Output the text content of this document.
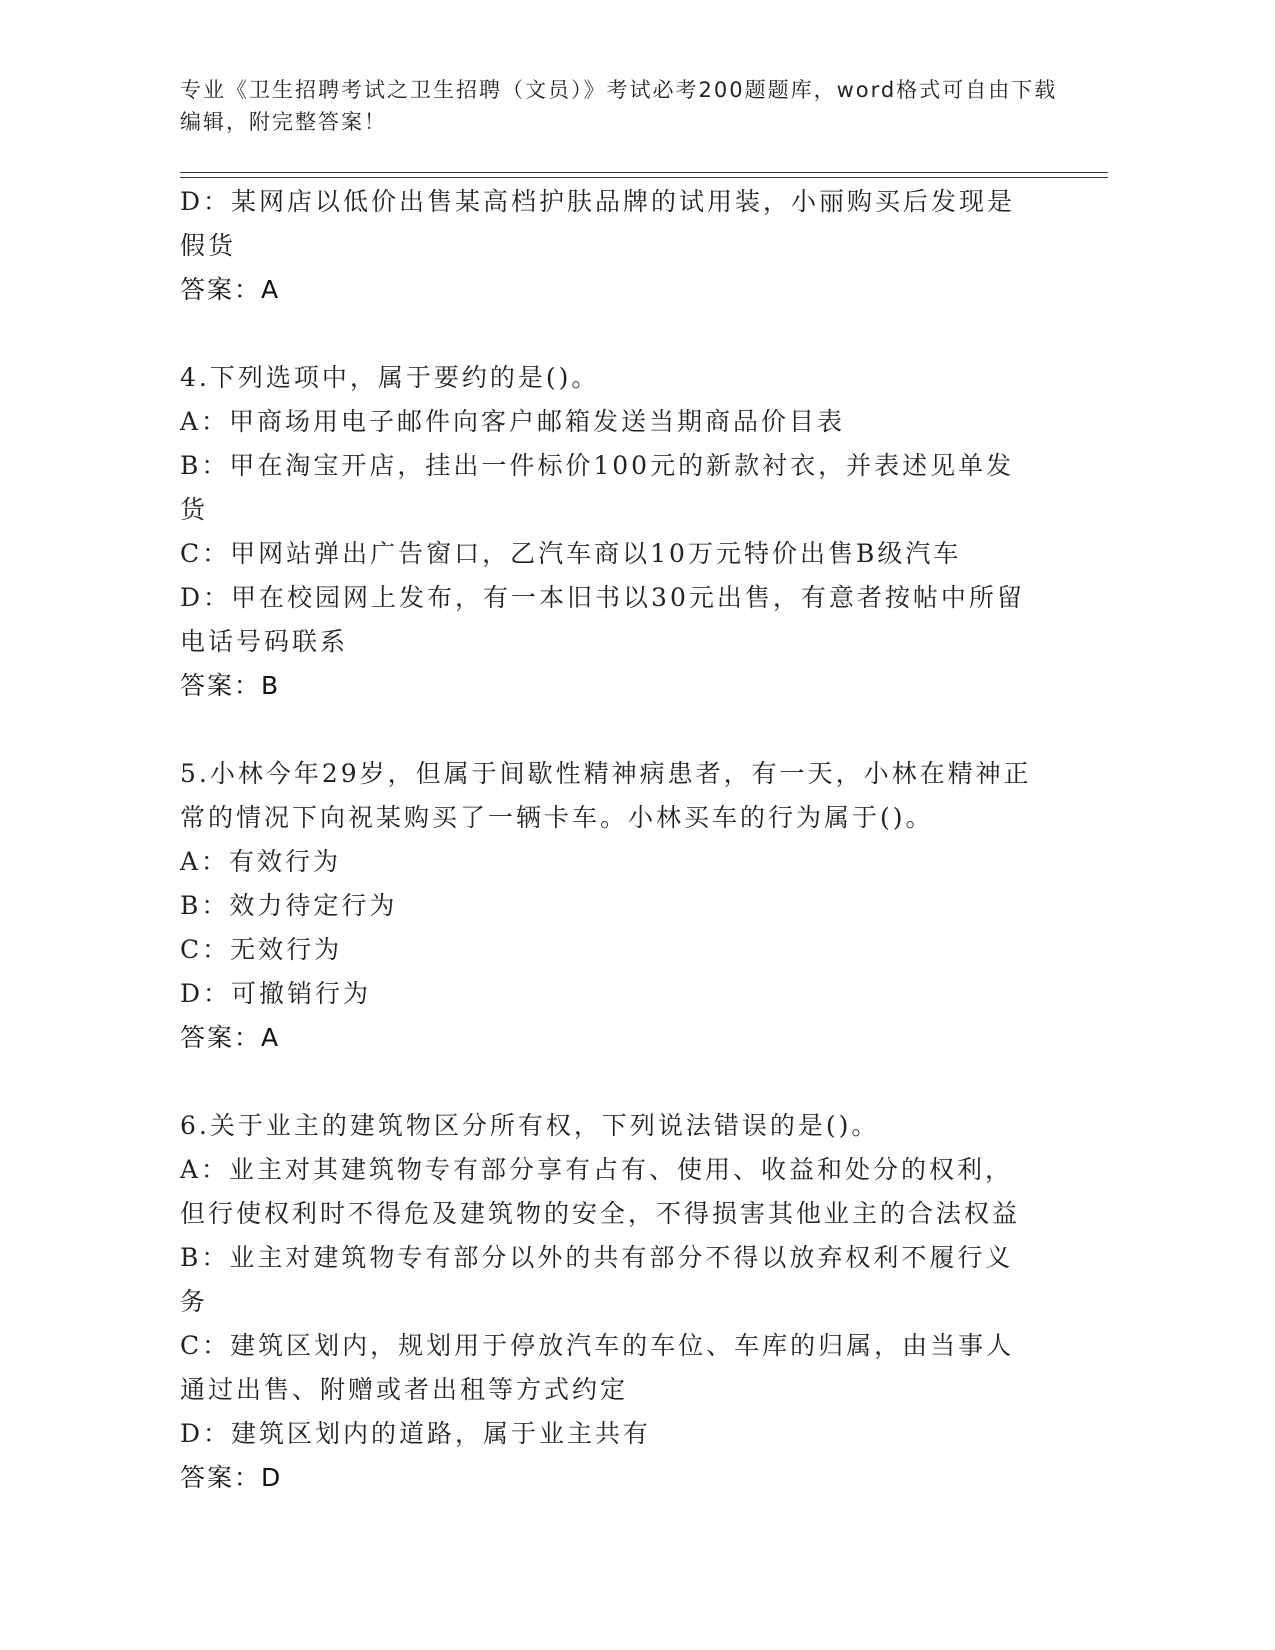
专业《卫生招聘考试之卫生招聘（文员）》考试必考200题题库，word格式可自由下载编辑，附完整答案！

D：某网店以低价出售某高档护肤品牌的试用装，小丽购买后发现是假货

答案：A

4.下列选项中，属于要约的是()。

A：甲商场用电子邮件向客户邮箱发送当期商品价目表

B：甲在淘宝开店，挂出一件标价100元的新款衬衣，并表述见单发货

C：甲网站弹出广告窗口，乙汽车商以10万元特价出售B级汽车

D：甲在校园网上发布，有一本旧书以30元出售，有意者按帖中所留电话号码联系

答案：B

5.小林今年29岁，但属于间歇性精神病患者，有一天，小林在精神正常的情况下向祝某购买了一辆卡车。小林买车的行为属于()。

A：有效行为

B：效力待定行为

C：无效行为

D：可撤销行为

答案：A

6.关于业主的建筑物区分所有权，下列说法错误的是()。

A：业主对其建筑物专有部分享有占有、使用、收益和处分的权利，但行使权利时不得危及建筑物的安全，不得损害其他业主的合法权益

B：业主对建筑物专有部分以外的共有部分不得以放弃权利不履行义务

C：建筑区划内，规划用于停放汽车的车位、车库的归属，由当事人通过出售、附赠或者出租等方式约定

D：建筑区划内的道路，属于业主共有

答案：D
